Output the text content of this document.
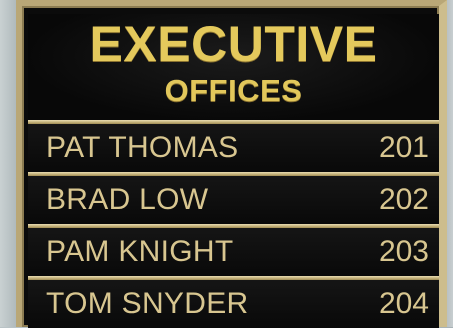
EXECUTIVE
OFFICES
PAT THOMAS	201
BRAD LOW	202
PAM KNIGHT	203
TOM SNYDER	204
